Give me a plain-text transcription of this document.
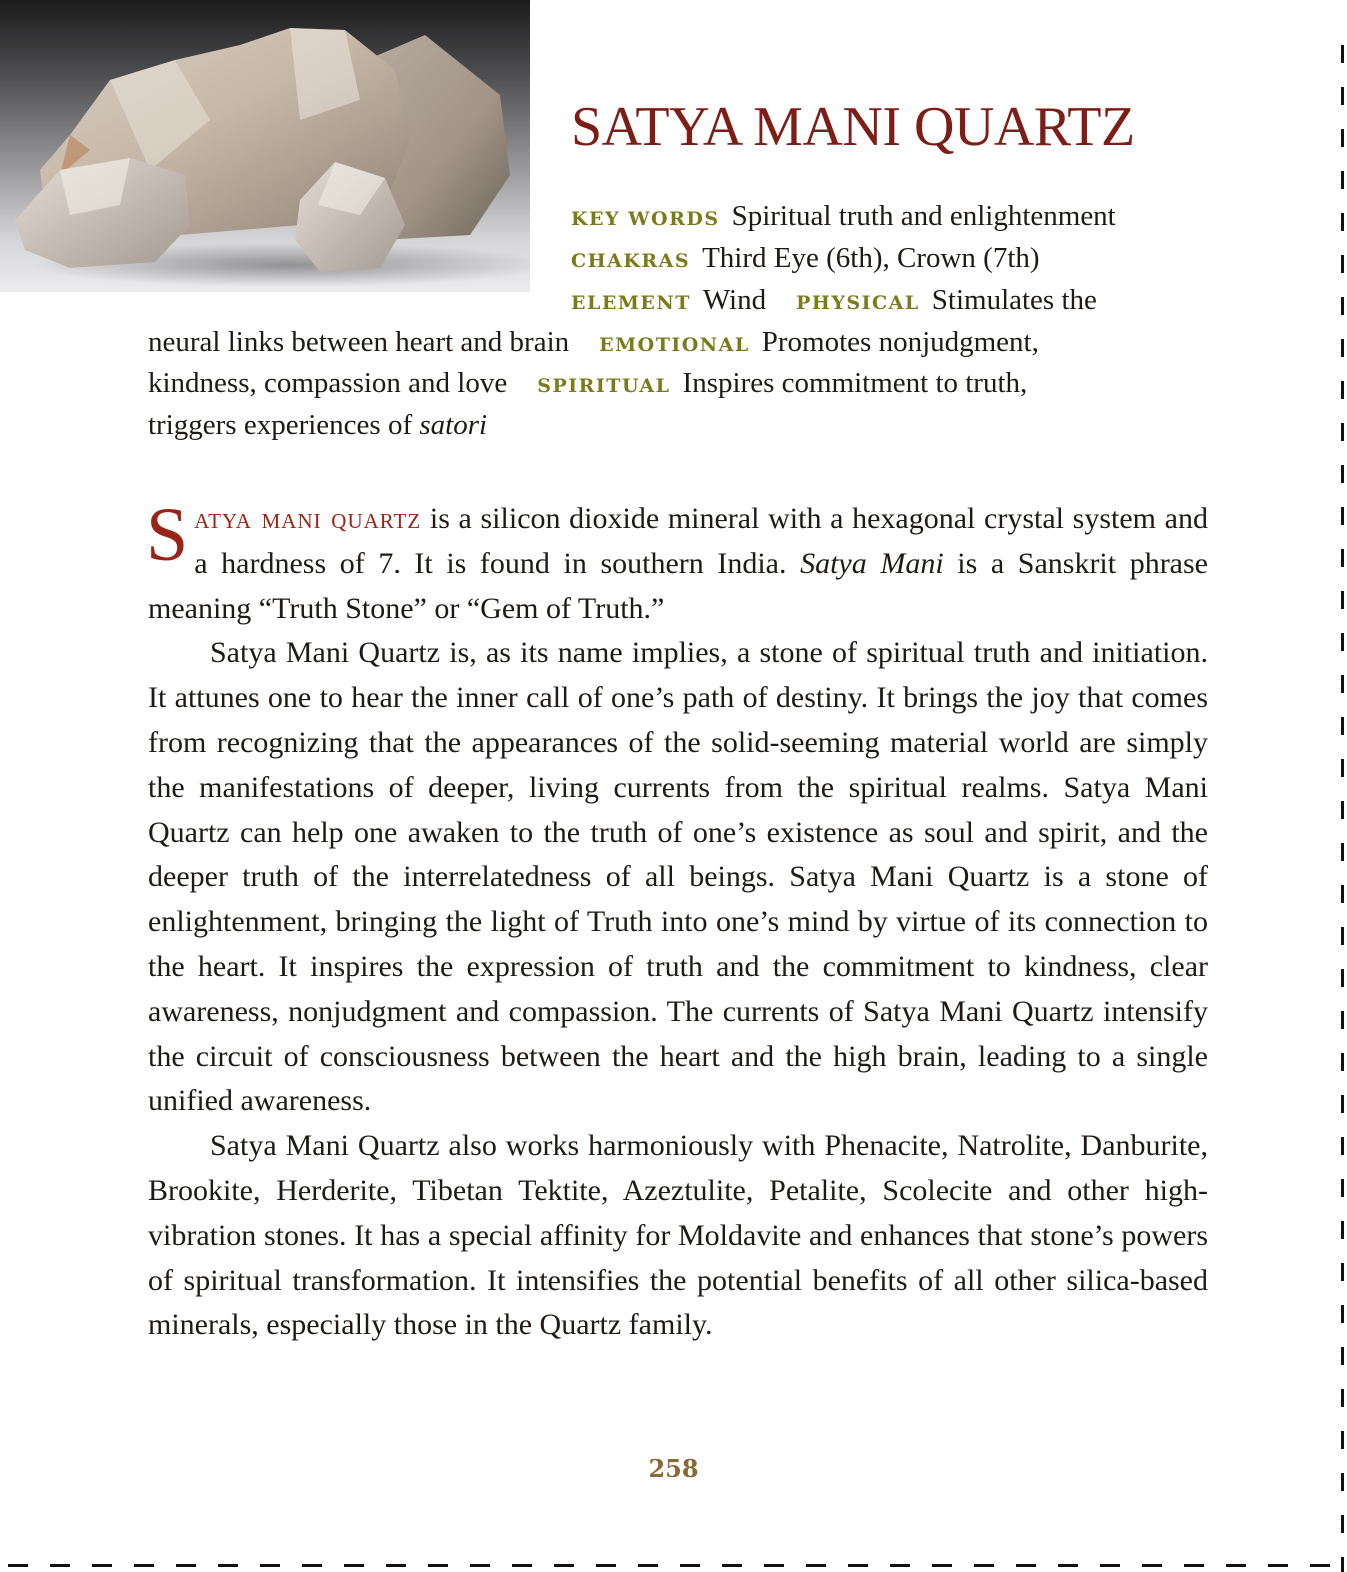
SATYA MANI QUARTZ
KEY WORDS Spiritual truth and enlightenment
CHAKRAS Third Eye (6th), Crown (7th)
ELEMENT Wind PHYSICAL Stimulates the
neural links between heart and brain EMOTIONAL Promotes nonjudgment,
kindness, compassion and love SPIRITUAL Inspires commitment to truth,
triggers experiences of satori

Satya mani quartz is a silicon dioxide mineral with a hexagonal crystal system and a hardness of 7. It is found in southern India. Satya Mani is a Sanskrit phrase meaning “Truth Stone” or “Gem of Truth.”

Satya Mani Quartz is, as its name implies, a stone of spiritual truth and initiation. It attunes one to hear the inner call of one’s path of destiny. It brings the joy that comes from recognizing that the appearances of the solid-seeming material world are simply the manifestations of deeper, living currents from the spiritual realms. Satya Mani Quartz can help one awaken to the truth of one’s existence as soul and spirit, and the deeper truth of the interrelatedness of all beings. Satya Mani Quartz is a stone of enlightenment, bringing the light of Truth into one’s mind by virtue of its connection to the heart. It inspires the expression of truth and the commitment to kindness, clear awareness, nonjudgment and compassion. The currents of Satya Mani Quartz intensify the circuit of consciousness between the heart and the high brain, leading to a single unified awareness.

Satya Mani Quartz also works harmoniously with Phenacite, Natrolite, Danburite, Brookite, Herderite, Tibetan Tektite, Azeztulite, Petalite, Scolecite and other high-vibration stones. It has a special affinity for Moldavite and enhances that stone’s powers of spiritual transformation. It intensifies the potential benefits of all other silica-based minerals, especially those in the Quartz family.

258
